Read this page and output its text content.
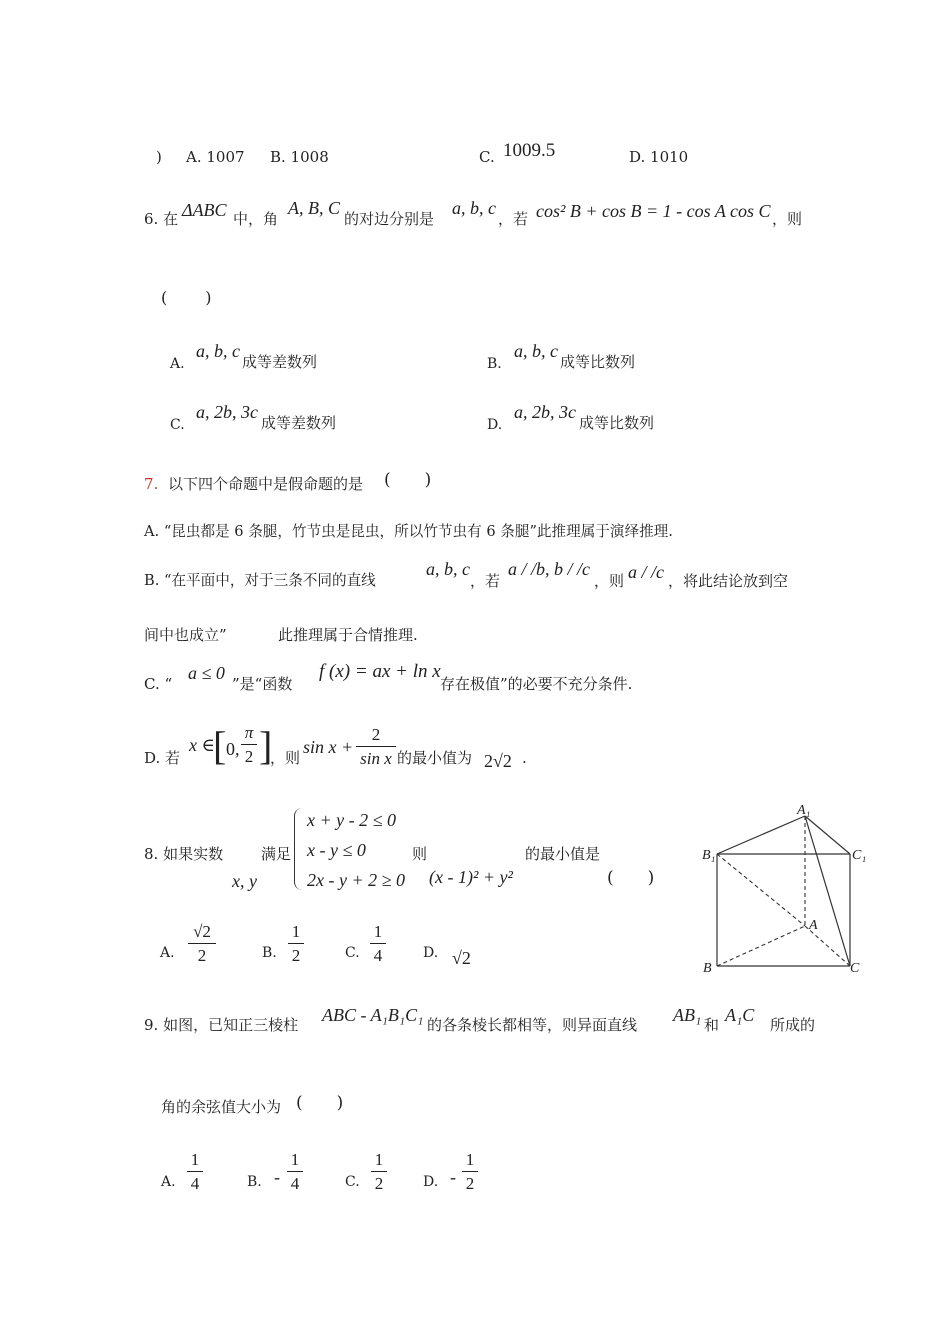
) A. 1007 B. 1008	C. 1009.5	D. 1010
6. 在 ΔABC 中，角
A, B, C
的对边分别是
a, b, c
，若 cos² B + cos B = 1 - cos A cos C ，则
(　　)
A.
a, b, c
成等差数列	B.
a, b, c
成等比数列
C.
a, 2b, 3c
成等差数列	D.
a, 2b, 3c
成等比数列
7. 以下四个命题中是假命题的是 (　　)
A. “昆虫都是 6 条腿，竹节虫是昆虫，所以竹节虫有 6 条腿”此推理属于演绎推理.
B. “在平面中，对于三条不同的直线
a, b, c
，若
a / /b, b / /c
，则 a / /c ，将此结论放到空
间中也成立”	此推理属于合情推理.
C. “
a ≤ 0
”是“函数
f (x) = ax + ln x
存在极值”的必要不充分条件.
D. 若
x ∈
[ 0,
π
2 ]
，则
sin x +
2
sin x 的最小值为 2√2 .
8. 如果实数
x, y
满足
x + y - 2 ≤ 0
x - y ≤ 0
2x - y + 2 ≥ 0
则
(x - 1)² + y²
的最小值是
(　　)
A.
√2
2	B.
1
2	C.
1
4	D. √2
A₁
B₁	C₁
A
B	C
9. 如图，已知正三棱柱 ABC - A₁B₁C₁ 的各条棱长都相等，则异面直线 AB₁ 和 A₁C 所成的
角的余弦值大小为 (　　)
A.
1
4	B. -
1
4	C.
1
2	D. -
1
2
